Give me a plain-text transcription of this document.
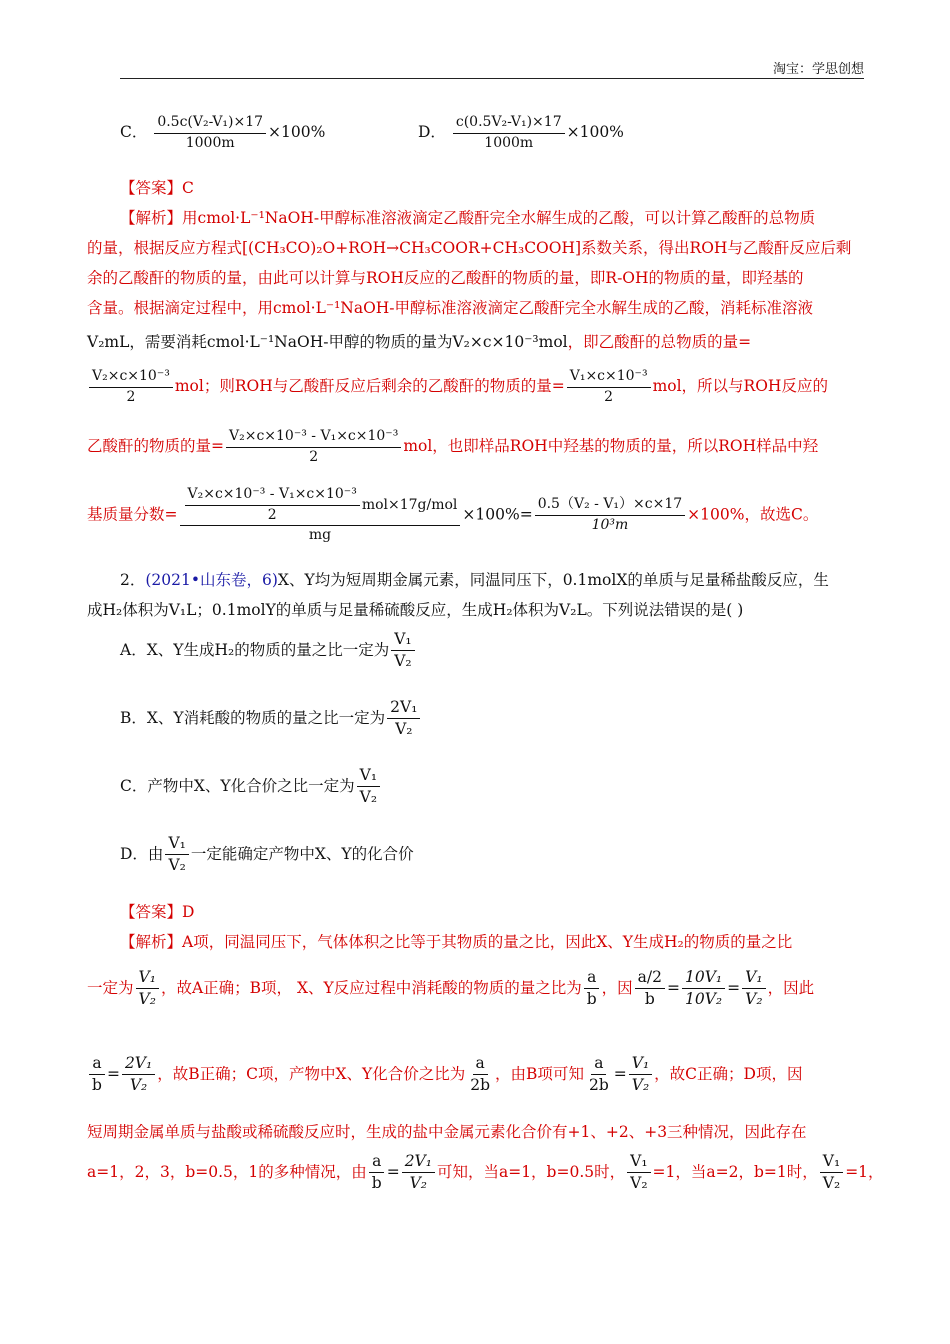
淘宝：学思创想
C． $\frac{\text{0.5c(V₂-V₁)×17}}{1000m} \times 100\%$	D． $\frac{\text{c(0.5V₂-V₁)×17}}{1000m} \times 100\%$
【答案】C
【解析】用cmol·L⁻¹NaOH-甲醇标准溶液滴定乙酸酐完全水解生成的乙酸，可以计算乙酸酐的总物质
的量，根据反应方程式[(CH₃CO)₂O+ROH→CH₃COOR+CH₃COOH]系数关系，得出ROH与乙酸酐反应后剩
余的乙酸酐的物质的量，由此可以计算与ROH反应的乙酸酐的物质的量，即R-OH的物质的量，即羟基的
含量。根据滴定过程中，用cmol·L⁻¹NaOH-甲醇标准溶液滴定乙酸酐完全水解生成的乙酸，消耗标准溶液
V₂mL，需要消耗cmol·L⁻¹NaOH-甲醇的物质的量为V₂×c×10⁻³mol，即乙酸酐的总物质的量=
$\frac{\text{V₂×c×10⁻³}}{2}$ mol；则ROH与乙酸酐反应后剩余的乙酸酐的物质的量= $\frac{\text{V₁×c×10⁻³}}{2}$ mol，所以与ROH反应的
乙酸酐的物质的量= $\frac{\text{V₂×c×10⁻³ - V₁×c×10⁻³}}{2}$ mol，也即样品ROH中羟基的物质的量，所以ROH样品中羟
基质量分数= $\frac{\frac{\text{V₂×c×10⁻³ - V₁×c×10⁻³}}{2} mol\times 17g/mol}{mg} \times 100\%= \frac{\text{0.5（V₂ - V₁）×c×17}}{\text{10³m}} \times 100\%$，故选C。
2．(2021•山东卷，6)X、Y均为短周期金属元素，同温同压下，0.1molX的单质与足量稀盐酸反应，生
成H₂体积为V₁L；0.1molY的单质与足量稀硫酸反应，生成H₂体积为V₂L。下列说法错误的是( )
A．X、Y生成H₂的物质的量之比一定为 $\frac{\text{V₁}}{\text{V₂}}$
B．X、Y消耗酸的物质的量之比一定为 $\frac{\text{2V₁}}{\text{V₂}}$
C．产物中X、Y化合价之比一定为 $\frac{\text{V₁}}{\text{V₂}}$
D．由 $\frac{\text{V₁}}{\text{V₂}}$ 一定能确定产物中X、Y的化合价
【答案】D
【解析】A项，同温同压下，气体体积之比等于其物质的量之比，因此X、Y生成H₂的物质的量之比
一定为 $\frac{\text{V₁}}{\text{V₂}}$ ，故A正确；B项， X、Y反应过程中消耗酸的物质的量之比为 $\frac{a}{b}$ ，因 $\frac{a/2}{b} = \frac{\text{10V₁}}{\text{10V₂}} = \frac{\text{V₁}}{\text{V₂}}$ ，因此
$\frac{a}{b} = \frac{\text{2V₁}}{\text{V₂}}$ ，故B正确；C项，产物中X、Y化合价之比为 $\frac{a}{2b}$ ，由B项可知 $\frac{a}{2b} = \frac{\text{V₁}}{\text{V₂}}$ ，故C正确；D项，因
短周期金属单质与盐酸或稀硫酸反应时，生成的盐中金属元素化合价有+1、+2、+3三种情况，因此存在
a=1，2，3，b=0.5，1的多种情况，由 $\frac{a}{b} = \frac{\text{2V₁}}{\text{V₂}}$ 可知，当a=1，b=0.5时， $\frac{\text{V₁}}{\text{V₂}} =1$，当a=2，b=1时， $\frac{\text{V₁}}{\text{V₂}} =1$，
